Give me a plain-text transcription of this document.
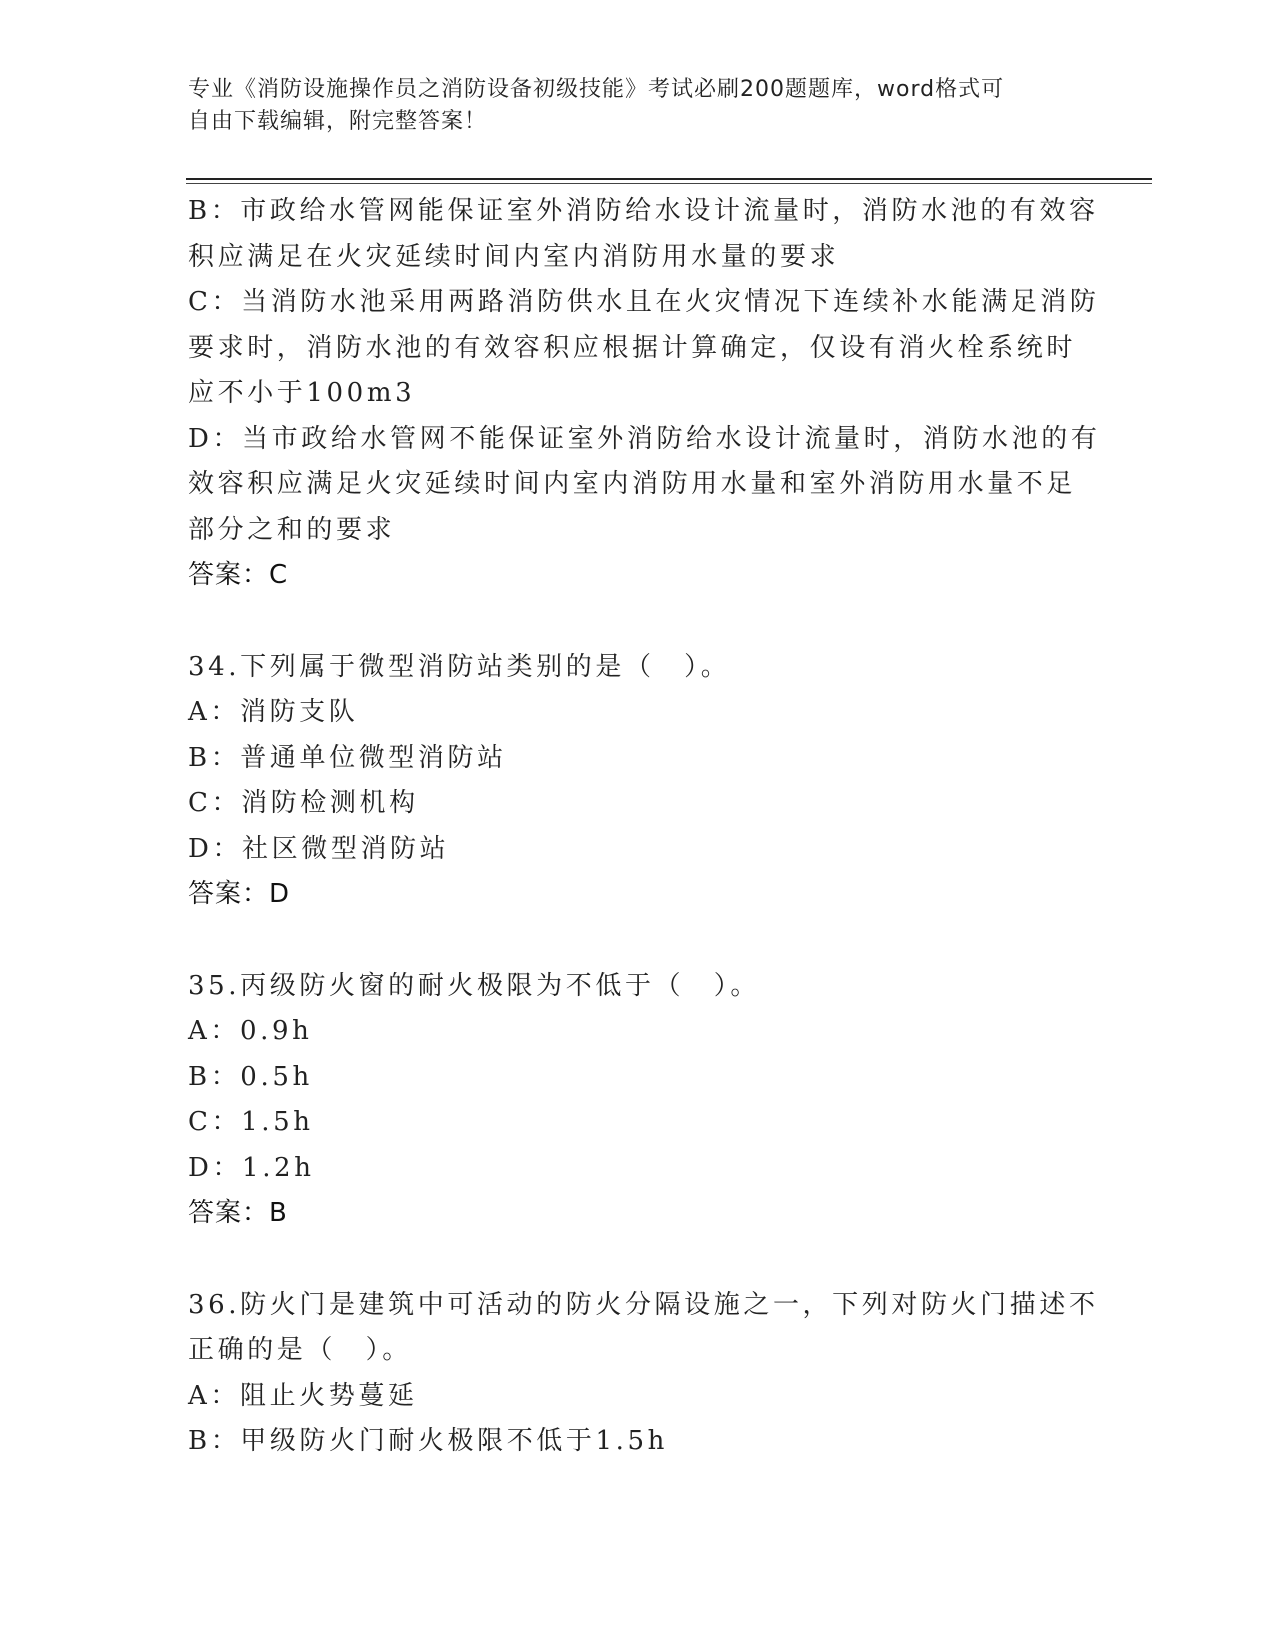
专业《消防设施操作员之消防设备初级技能》考试必刷200题题库，word格式可
自由下载编辑，附完整答案！
B：市政给水管网能保证室外消防给水设计流量时，消防水池的有效容
积应满足在火灾延续时间内室内消防用水量的要求
C：当消防水池采用两路消防供水且在火灾情况下连续补水能满足消防
要求时，消防水池的有效容积应根据计算确定，仅设有消火栓系统时
应不小于100m3
D：当市政给水管网不能保证室外消防给水设计流量时，消防水池的有
效容积应满足火灾延续时间内室内消防用水量和室外消防用水量不足
部分之和的要求
答案：C
34.下列属于微型消防站类别的是（　）。
A：消防支队
B：普通单位微型消防站
C：消防检测机构
D：社区微型消防站
答案：D
35.丙级防火窗的耐火极限为不低于（　）。
A：0.9h
B：0.5h
C：1.5h
D：1.2h
答案：B
36.防火门是建筑中可活动的防火分隔设施之一，下列对防火门描述不
正确的是（　）。
A：阻止火势蔓延
B：甲级防火门耐火极限不低于1.5h
